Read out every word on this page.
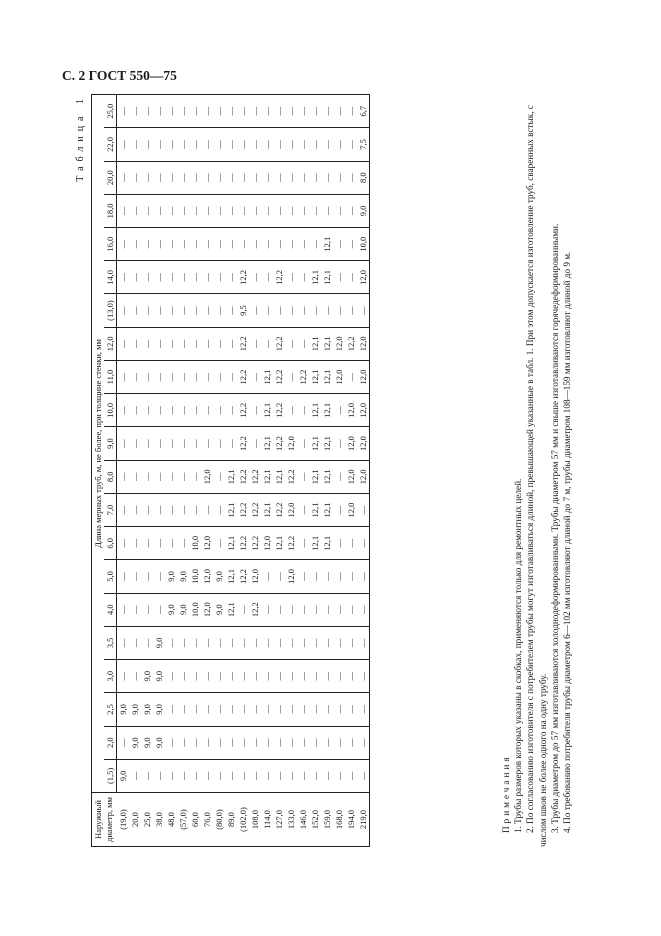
С. 2 ГОСТ 550—75
Таблица 1
Наружный диаметр, мм	Длина мерных труб, м, не более, при толщине стенки, мм																				
	(1,5)	2,0	2,5	3,0	3,5	4,0	5,0	6,0	7,0	8,0	9,0	10,0	11,0	12,0	(13,0)	14,0	16,0	18,0	20,0	22,0	25,0
(19,0)	9,0	—	9,0	—	—	—	—	—	—	—	—	—	—	—	—	—	—	—	—	—	—
20,0	—	9,0	9,0	—	—	—	—	—	—	—	—	—	—	—	—	—	—	—	—	—	—
25,0	—	9,0	9,0	9,0	—	—	—	—	—	—	—	—	—	—	—	—	—	—	—	—	—
38,0	—	9,0	9,0	9,0	9,0	—	—	—	—	—	—	—	—	—	—	—	—	—	—	—	—
48,0	—	—	—	—	—	9,0	9,0	—	—	—	—	—	—	—	—	—	—	—	—	—	—
(57,0)	—	—	—	—	—	9,0	9,0	—	—	—	—	—	—	—	—	—	—	—	—	—	—
60,0	—	—	—	—	—	10,0	10,0	10,0	—	—	—	—	—	—	—	—	—	—	—	—	—
76,0	—	—	—	—	—	12,0	12,0	12,0	—	12,0	—	—	—	—	—	—	—	—	—	—	—
(80,0)	—	—	—	—	—	9,0	9,0	—	—	—	—	—	—	—	—	—	—	—	—	—	—
89,0	—	—	—	—	—	12,1	12,1	12,1	12,1	12,1	—	—	—	—	—	—	—	—	—	—	—
(102,0)	—	—	—	—	—	—	12,2	12,2	12,2	12,2	12,2	12,2	12,2	12,2	9,5	12,2	—	—	—	—	—
108,0	—	—	—	—	—	12,2	12,0	12,2	12,2	12,2	—	—	—	—	—	—	—	—	—	—	—
114,0	—	—	—	—	—	—	—	12,0	12,1	12,1	12,1	12,1	12,1	—	—	—	—	—	—	—	—
127,0	—	—	—	—	—	—	—	12,1	12,2	12,1	12,2	12,2	12,2	12,2	—	12,2	—	—	—	—	—
133,0	—	—	—	—	—	—	12,0	12,2	12,0	12,2	12,0	—	—	—	—	—	—	—	—	—	—
146,0	—	—	—	—	—	—	—	—	—	—	—	—	12,2	—	—	—	—	—	—	—	—
152,0	—	—	—	—	—	—	—	12,1	12,1	12,1	12,1	12,1	12,1	12,1	—	12,1	—	—	—	—	—
159,0	—	—	—	—	—	—	—	12,1	12,1	12,1	12,1	12,1	12,1	12,1	—	12,1	12,1	—	—	—	—
168,0	—	—	—	—	—	—	—	—	—	—	—	—	12,0	12,0	—	—	—	—	—	—	—
194,0	—	—	—	—	—	—	—	—	12,0	12,0	12,0	12,0	—	12,2	—	—	—	—	—	—	—
219,0	—	—	—	—	—	—	—	—	—	12,0	12,0	12,0	12,0	12,0	—	12,0	10,0	9,0	8,0	7,5	6,7

Примечания 1. Трубы размеров которых указаны в скобках, применяются только для ремонтных целей. 2. По согласованию изготовителя с потребителем трубы могут изготавливаться длиной, превышающей указанные в табл. 1. При этом допускается изготовление труб, сваренных встык, с числом швов не более одного на одну трубу. 3. Трубы диаметром до 57 мм изготавливаются холоднодеформированными. Трубы диаметром 57 мм и свыше изготавливаются горячедеформированными. 4. По требованию потребителя трубы диаметром 6—102 мм изготовляют длиной до 7 м, трубы диаметром 108—159 мм изготовляют длиной до 9 м.
